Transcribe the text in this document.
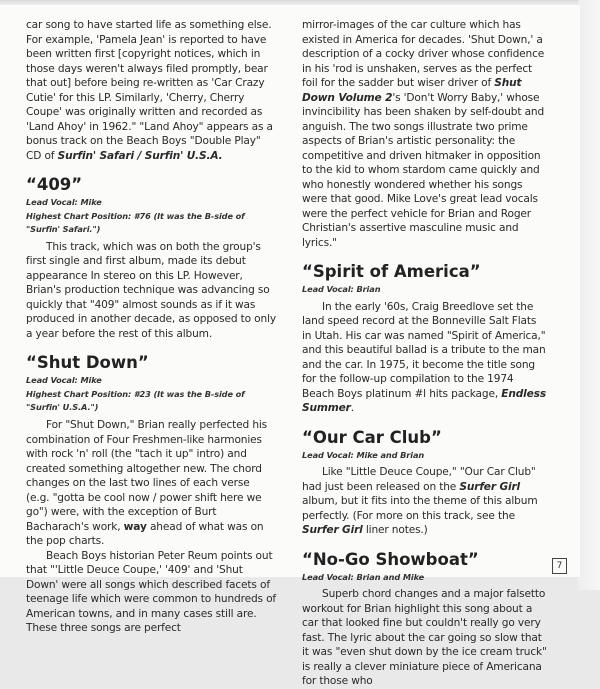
car song to have started life as something else. For example, 'Pamela Jean' is reported to have been written first [copyright notices, which in those days weren't always filed promptly, bear that out] before being re-written as 'Car Crazy Cutie' for this LP. Similarly, 'Cherry, Cherry Coupe' was originally written and recorded as 'Land Ahoy' in 1962." "Land Ahoy" appears as a bonus track on the Beach Boys "Double Play" CD of Surfin' Safari / Surfin' U.S.A.

“409”
Lead Vocal: Mike
Highest Chart Position: #76 (It was the B-side of "Surfin' Safari.")

This track, which was on both the group's first single and first album, made its debut appearance In stereo on this LP. However, Brian's production technique was advancing so quickly that "409" almost sounds as if it was produced in another decade, as opposed to only a year before the rest of this album.

“Shut Down”
Lead Vocal: Mike
Highest Chart Position: #23 (It was the B-side of "Surfin' U.S.A.")

For "Shut Down," Brian really perfected his combination of Four Freshmen-like harmonies with rock 'n' roll (the "tach it up" intro) and created something altogether new. The chord changes on the last two lines of each verse (e.g. "gotta be cool now / power shift here we go") were, with the exception of Burt Bacharach's work, way ahead of what was on the pop charts.

Beach Boys historian Peter Reum points out that "'Little Deuce Coupe,' '409' and 'Shut Down' were all songs which described facets of teenage life which were common to hundreds of American towns, and in many cases still are. These three songs are perfect

mirror-images of the car culture which has existed in America for decades. 'Shut Down,' a description of a cocky driver whose confidence in his 'rod is unshaken, serves as the perfect foil for the sadder but wiser driver of Shut Down Volume 2's 'Don't Worry Baby,' whose invincibility has been shaken by self-doubt and anguish. The two songs illustrate two prime aspects of Brian's artistic personality: the competitive and driven hitmaker in opposition to the kid to whom stardom came quickly and who honestly wondered whether his songs were that good. Mike Love's great lead vocals were the perfect vehicle for Brian and Roger Christian's assertive masculine music and lyrics."

“Spirit of America”
Lead Vocal: Brian

In the early '60s, Craig Breedlove set the land speed record at the Bonneville Salt Flats in Utah. His car was named "Spirit of America," and this beautiful ballad is a tribute to the man and the car. In 1975, it become the title song for the follow-up compilation to the 1974 Beach Boys platinum #l hits package, Endless Summer.

“Our Car Club”
Lead Vocal: Mike and Brian

Like "Little Deuce Coupe," "Our Car Club" had just been released on the Surfer Girl album, but it fits into the theme of this album perfectly. (For more on this track, see the Surfer Girl liner notes.)

“No-Go Showboat”
Lead Vocal: Brian and Mike

Superb chord changes and a major falsetto workout for Brian highlight this song about a car that looked fine but couldn't really go very fast. The lyric about the car going so slow that it was "even shut down by the ice cream truck" is really a clever miniature piece of Americana for those who

7
